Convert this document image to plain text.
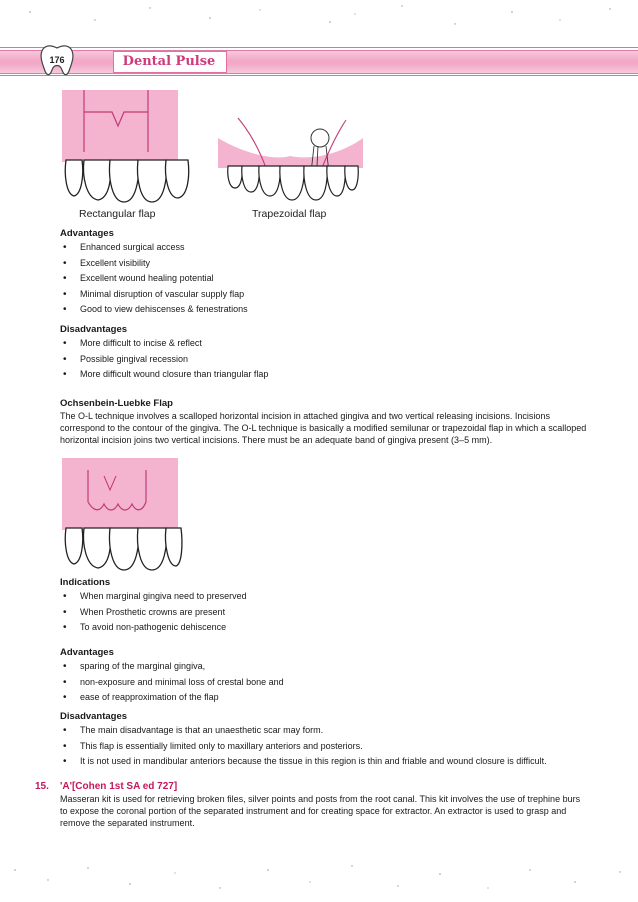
176	Dental Pulse
Rectangular flap	Trapezoidal flap

Advantages

• Enhanced surgical access
• Excellent visibility
• Excellent wound healing potential
• Minimal disruption of vascular supply flap
• Good to view dehiscenses & fenestrations

Disadvantages

• More difficult to incise & reflect
• Possible gingival recession
• More difficult wound closure than triangular flap

Ochsenbein-Luebke Flap

The O-L technique involves a scalloped horizontal incision in attached gingiva and two vertical releasing incisions. Incisions correspond to the contour of the gingiva. The O-L technique is basically a modified semilunar or trapezoidal flap in which a scalloped horizontal incision joins two vertical incisions. There must be an adequate band of gingiva present (3–5 mm).

Indications

• When marginal gingiva need to preserved
• When Prosthetic crowns are present
• To avoid non-pathogenic dehiscence

Advantages

• sparing of the marginal gingiva,
• non-exposure and minimal loss of crestal bone and
• ease of reapproximation of the flap

Disadvantages

• The main disadvantage is that an unaesthetic scar may form.
• This flap is essentially limited only to maxillary anteriors and posteriors.
• It is not used in mandibular anteriors because the tissue in this region is thin and friable and wound closure is difficult.
15. 'A'[Cohen 1st SA ed 727]

Masseran kit is used for retrieving broken files, silver points and posts from the root canal. This kit involves the use of trephine burs to expose the coronal portion of the separated instrument and for creating space for extractor. An extractor is used to grasp and remove the separated instrument.
